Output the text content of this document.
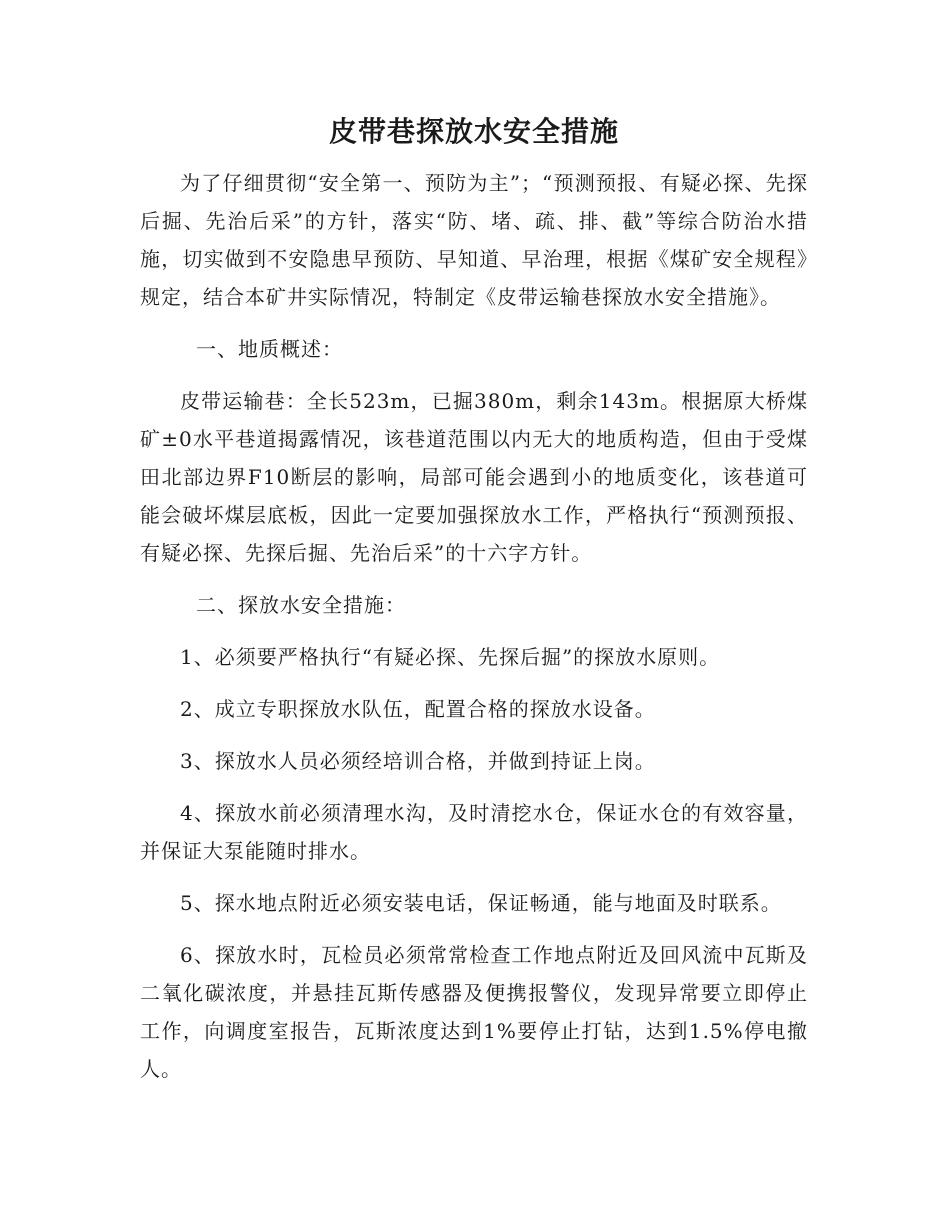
皮带巷探放水安全措施

为了仔细贯彻“安全第一、预防为主”；“预测预报、有疑必探、先探后掘、先治后采”的方针，落实“防、堵、疏、排、截”等综合防治水措施，切实做到不安隐患早预防、早知道、早治理，根据《煤矿安全规程》规定，结合本矿井实际情况，特制定《皮带运输巷探放水安全措施》。

一、地质概述：

皮带运输巷：全长523m，已掘380m，剩余143m。根据原大桥煤矿±0水平巷道揭露情况，该巷道范围以内无大的地质构造，但由于受煤田北部边界F10断层的影响，局部可能会遇到小的地质变化，该巷道可能会破坏煤层底板，因此一定要加强探放水工作，严格执行“预测预报、有疑必探、先探后掘、先治后采”的十六字方针。

二、探放水安全措施：

1、必须要严格执行“有疑必探、先探后掘”的探放水原则。

2、成立专职探放水队伍，配置合格的探放水设备。

3、探放水人员必须经培训合格，并做到持证上岗。

4、探放水前必须清理水沟，及时清挖水仓，保证水仓的有效容量，并保证大泵能随时排水。

5、探水地点附近必须安装电话，保证畅通，能与地面及时联系。

6、探放水时，瓦检员必须常常检查工作地点附近及回风流中瓦斯及二氧化碳浓度，并悬挂瓦斯传感器及便携报警仪，发现异常要立即停止工作，向调度室报告，瓦斯浓度达到1%要停止打钻，达到1.5%停电撤人。
